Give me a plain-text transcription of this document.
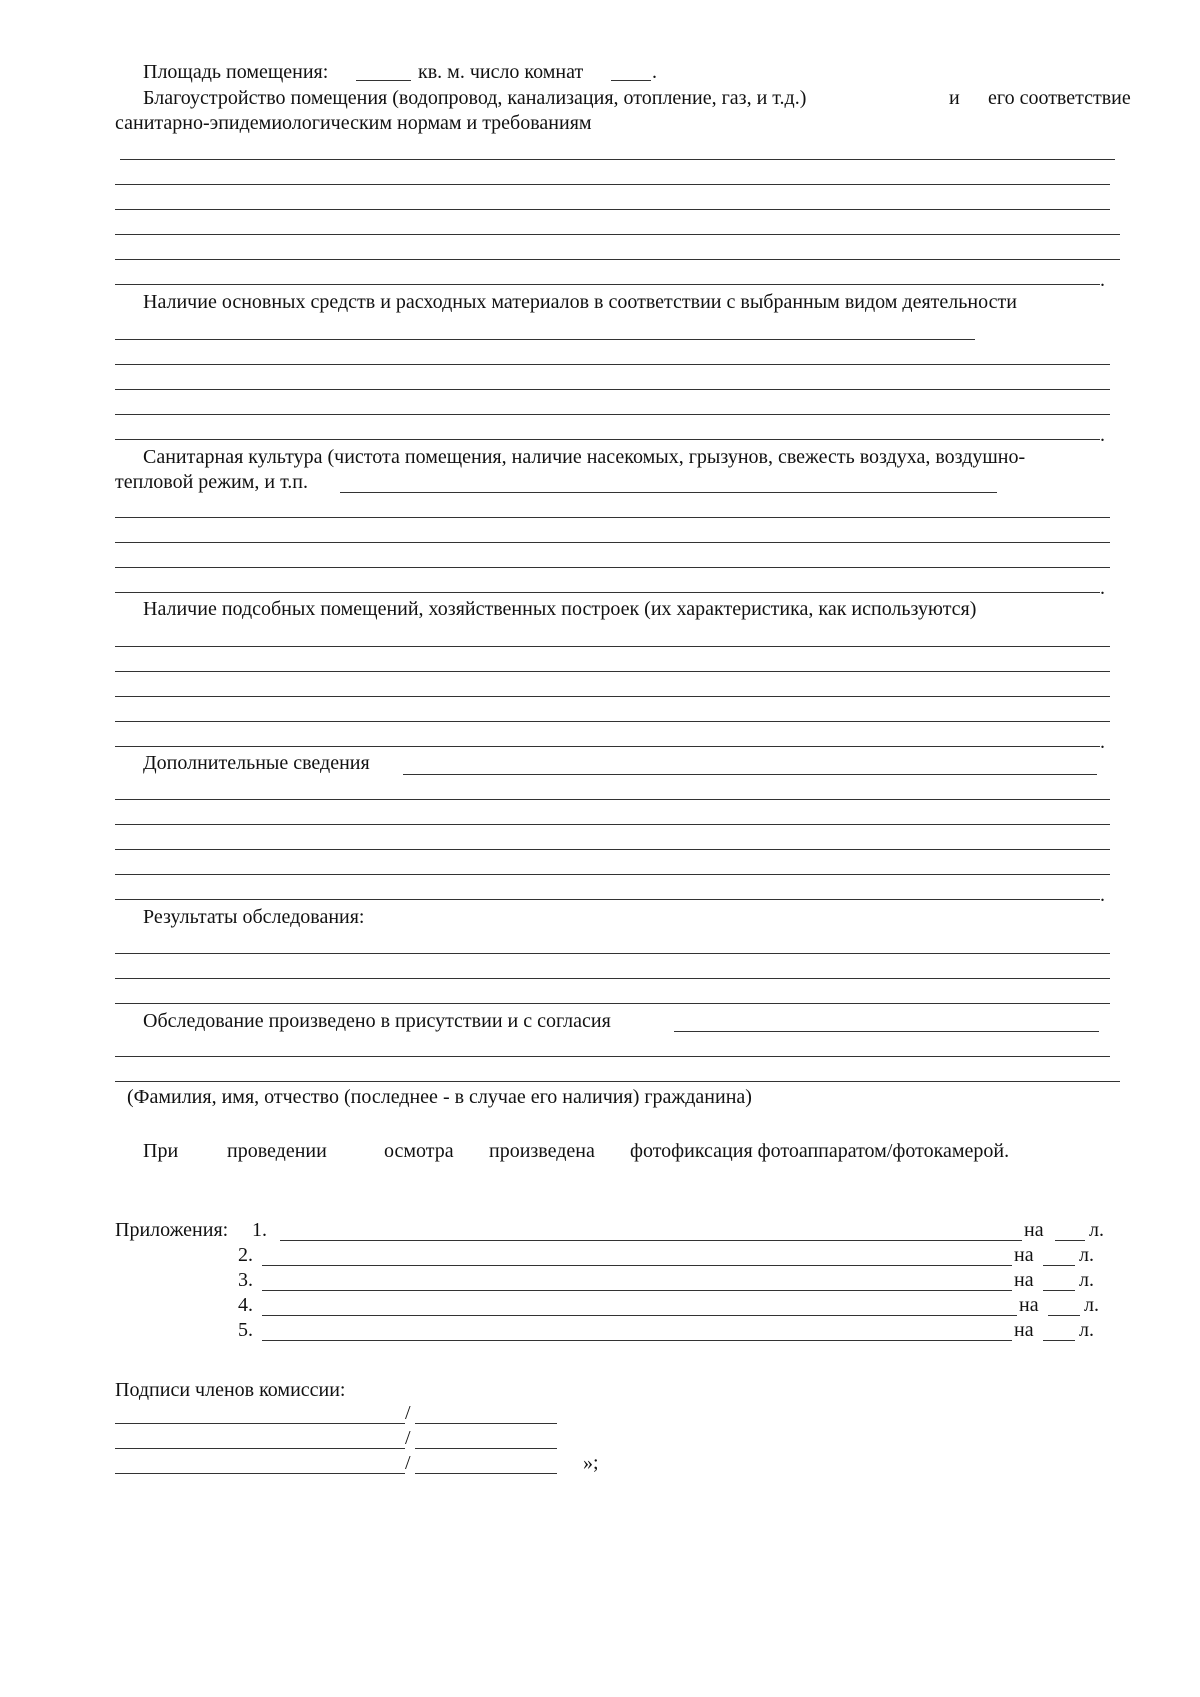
Площадь помещения:	кв. м. число комнат	.
Благоустройство помещения (водопровод, канализация, отопление, газ, и т.д.)	и его соответствие
санитарно-эпидемиологическим нормам и требованиям
.
Наличие основных средств и расходных материалов в соответствии с выбранным видом деятельности
.
Санитарная культура (чистота помещения, наличие насекомых, грызунов, свежесть воздуха, воздушно-
тепловой режим, и т.п.
.
Наличие подсобных помещений, хозяйственных построек (их характеристика, как используются)
.
Дополнительные сведения
.
Результаты обследования:
Обследование произведено в присутствии и с согласия
(Фамилия, имя, отчество (последнее - в случае его наличия) гражданина)
При проведении	осмотра произведена фотофиксация фотоаппаратом/фотокамерой.
Приложения: 1.	на л.
2.	на л.
3.	на л.
4.	на л.
5.	на л.
Подписи членов комиссии:
/
/
/	»;
